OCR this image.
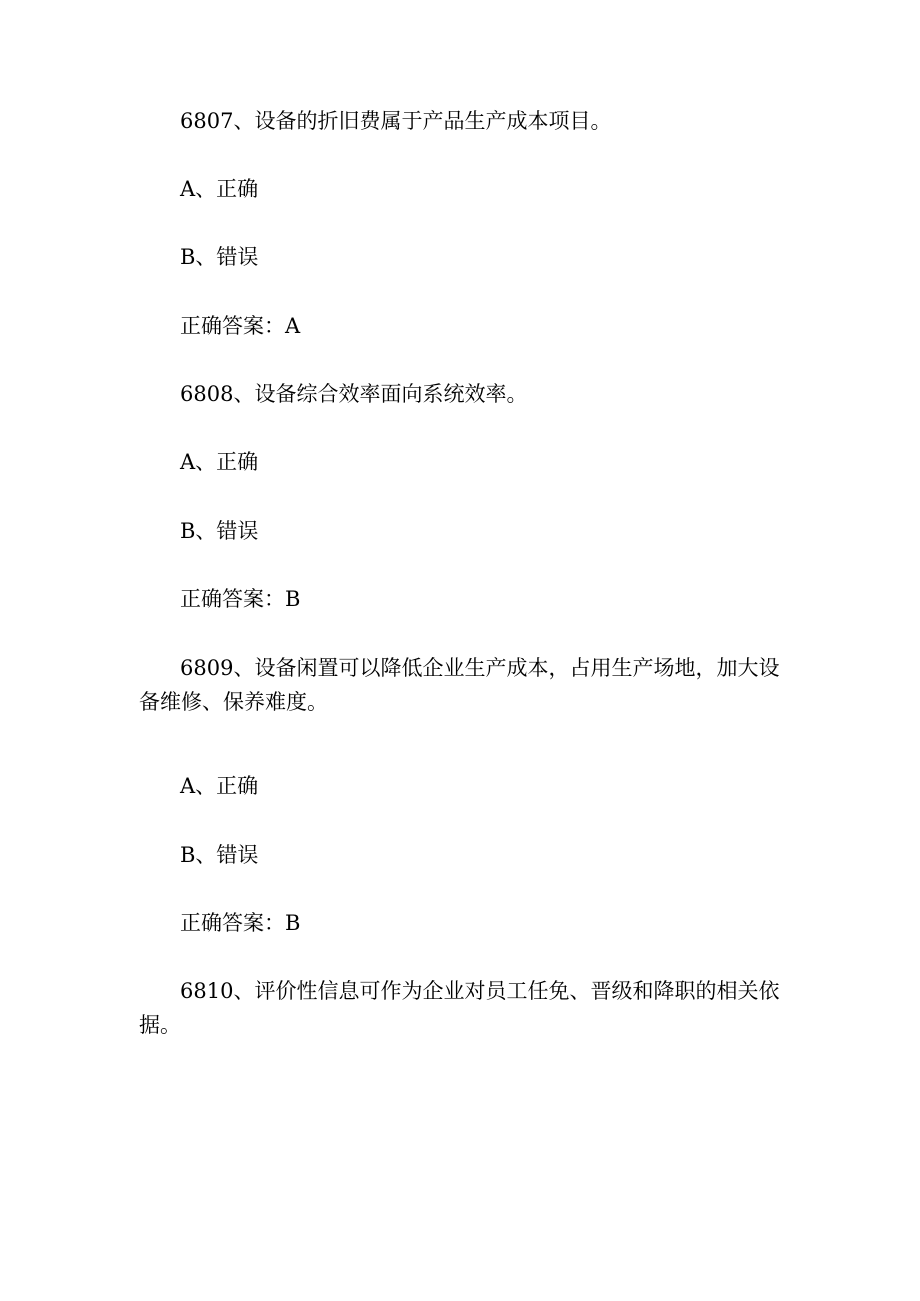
6807、设备的折旧费属于产品生产成本项目。

A、正确

B、错误

正确答案：A

6808、设备综合效率面向系统效率。

A、正确

B、错误

正确答案：B

6809、设备闲置可以降低企业生产成本，占用生产场地，加大设备维修、保养难度。

A、正确

B、错误

正确答案：B

6810、评价性信息可作为企业对员工任免、晋级和降职的相关依据。
